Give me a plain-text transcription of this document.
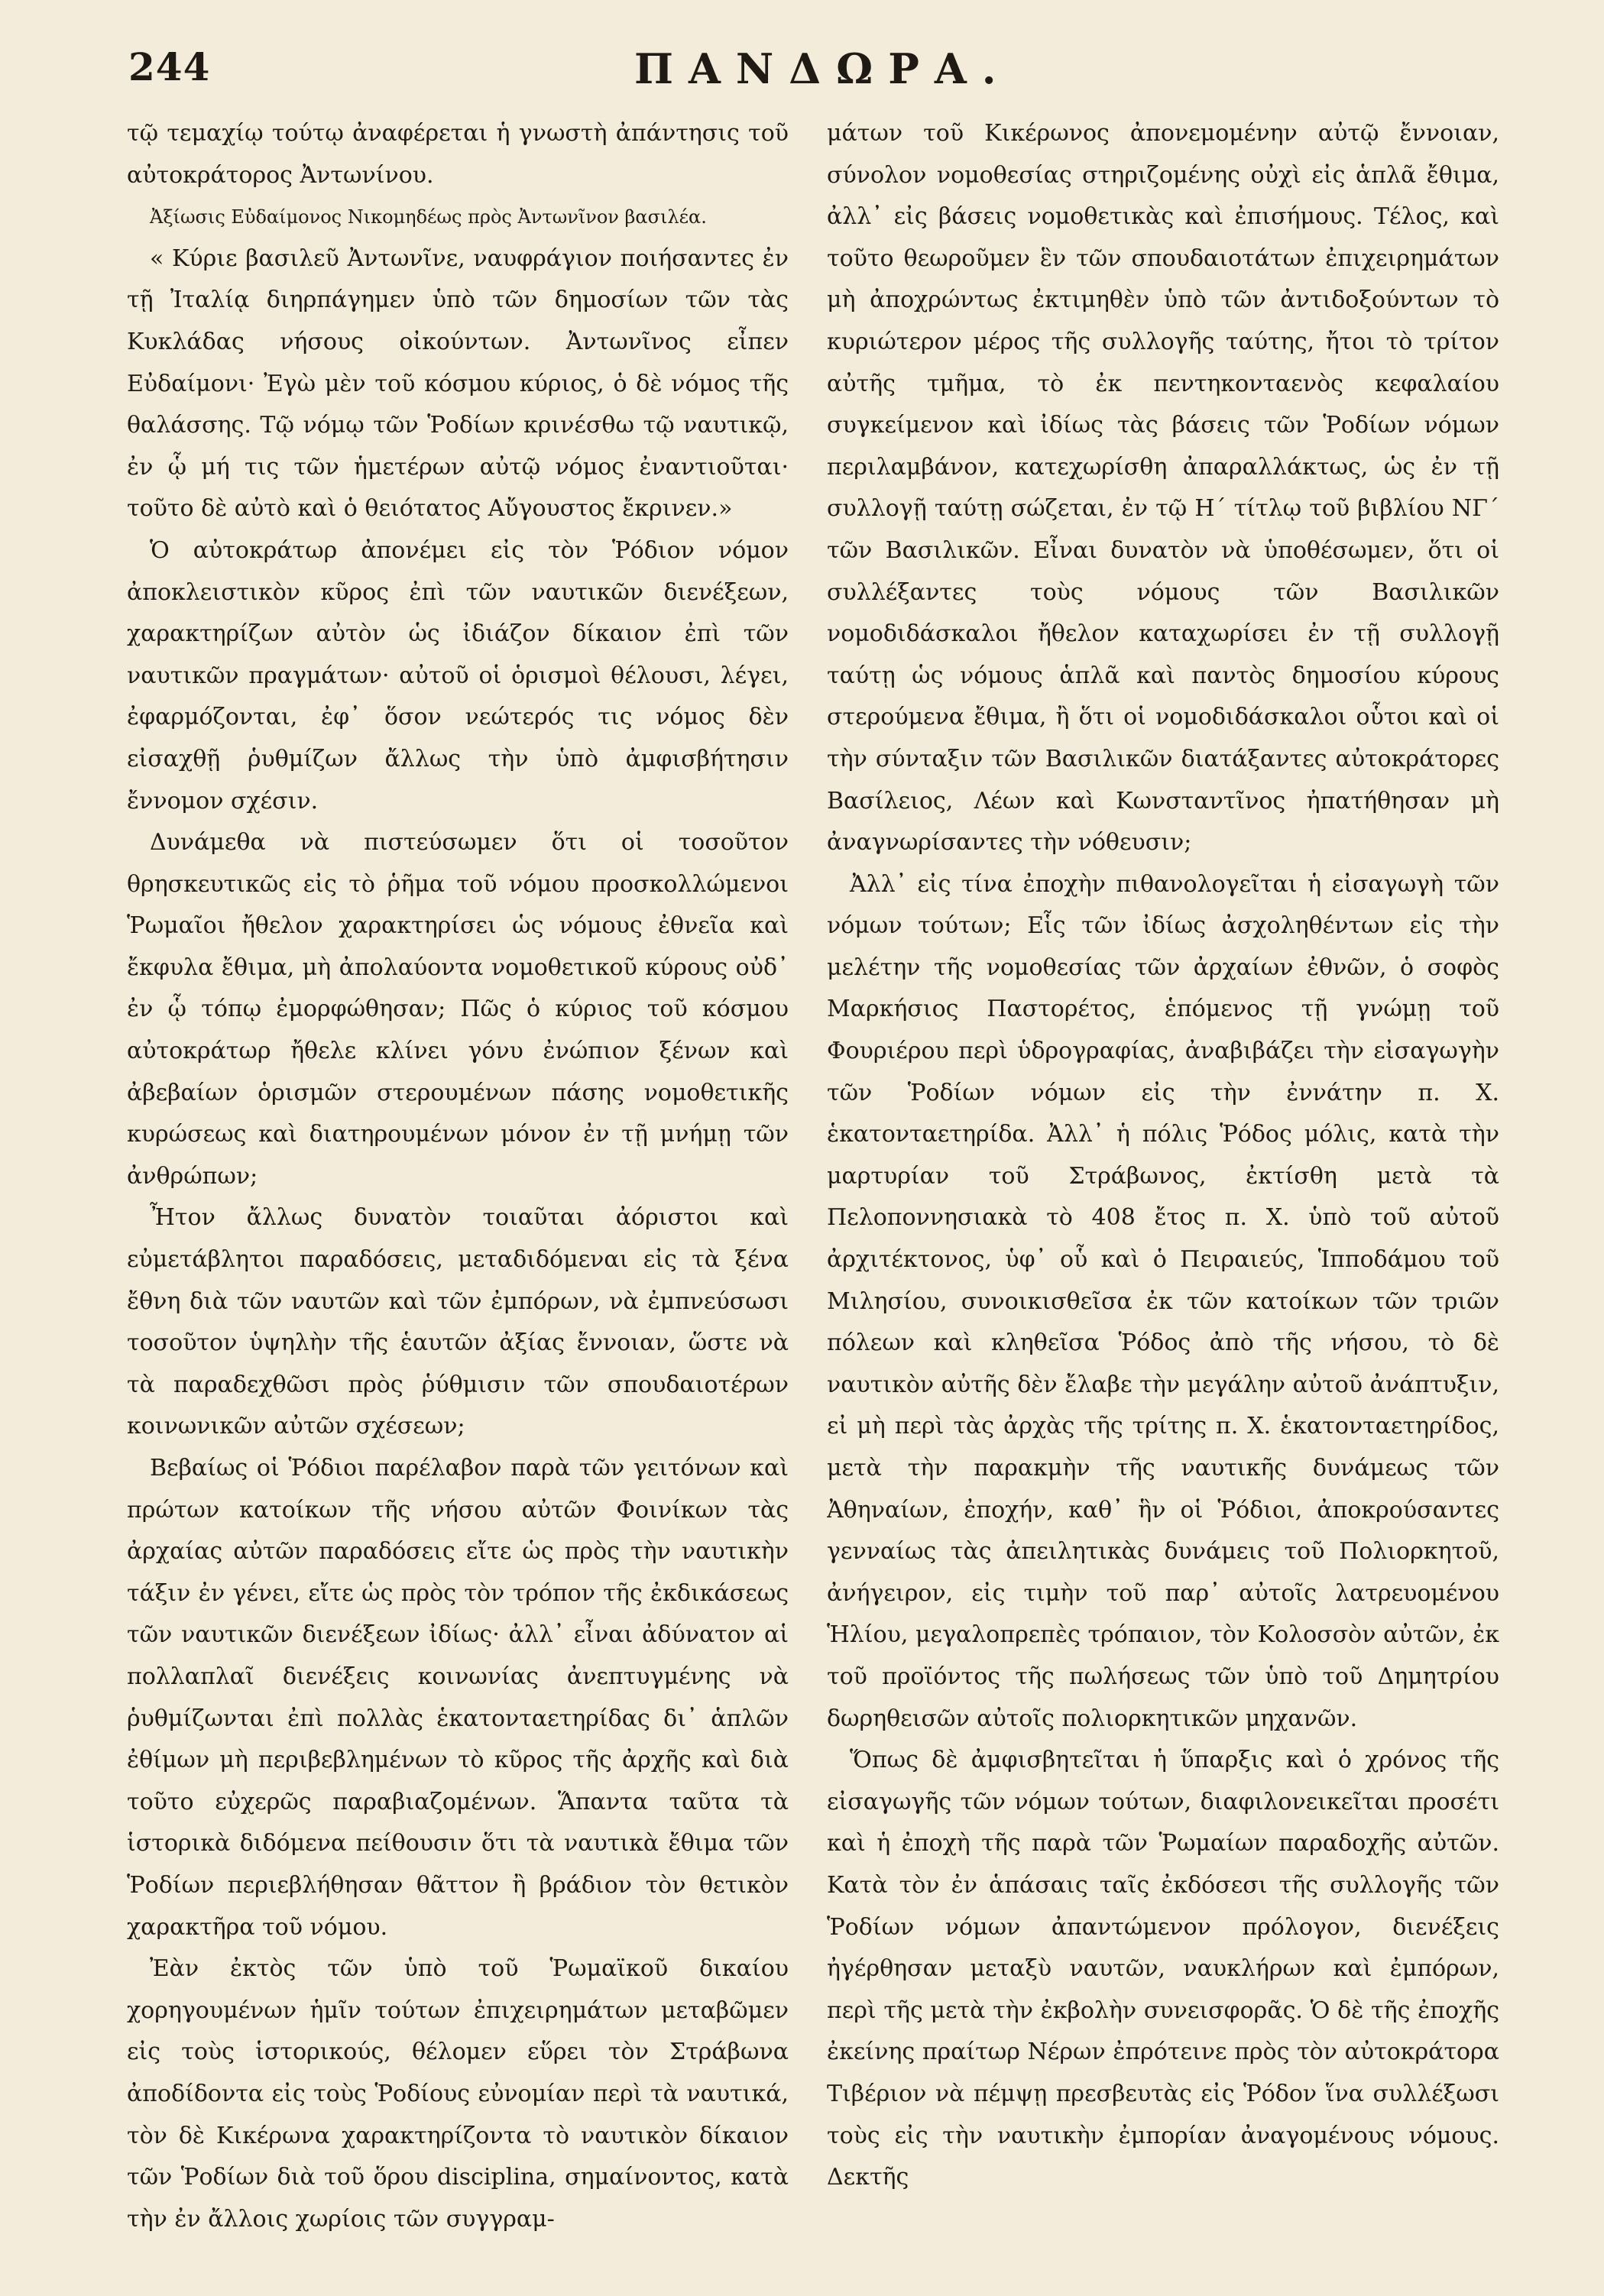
244	ΠΑΝΔΩΡΑ.

τῷ τεμαχίῳ τούτῳ ἀναφέρεται ἡ γνωστὴ ἀπάντησις τοῦ αὐτοκράτορος Ἀντωνίνου.

Ἀξίωσις Εὐδαίμονος Νικομηδέως πρὸς Ἀντωνῖνον βασιλέα.

« Κύριε βασιλεῦ Ἀντωνῖνε, ναυφράγιον ποιήσαντες ἐν τῇ Ἰταλίᾳ διηρπάγημεν ὑπὸ τῶν δημοσίων τῶν τὰς Κυκλάδας νήσους οἰκούντων. Ἀντωνῖνος εἶπεν Εὐδαίμονι· Ἐγὼ μὲν τοῦ κόσμου κύριος, ὁ δὲ νόμος τῆς θαλάσσης. Τῷ νόμῳ τῶν Ῥοδίων κρινέσθω τῷ ναυτικῷ, ἐν ᾧ μή τις τῶν ἡμετέρων αὐτῷ νόμος ἐναντιοῦται· τοῦτο δὲ αὐτὸ καὶ ὁ θειότατος Αὔγουστος ἔκρινεν.»

Ὁ αὐτοκράτωρ ἀπονέμει εἰς τὸν Ῥόδιον νόμον ἀποκλειστικὸν κῦρος ἐπὶ τῶν ναυτικῶν διενέξεων, χαρακτηρίζων αὐτὸν ὡς ἰδιάζον δίκαιον ἐπὶ τῶν ναυτικῶν πραγμάτων· αὐτοῦ οἱ ὁρισμοὶ θέλουσι, λέγει, ἐφαρμόζονται, ἐφ᾽ ὅσον νεώτερός τις νόμος δὲν εἰσαχθῇ ῥυθμίζων ἄλλως τὴν ὑπὸ ἀμφισβήτησιν ἔννομον σχέσιν.

Δυνάμεθα νὰ πιστεύσωμεν ὅτι οἱ τοσοῦτον θρησκευτικῶς εἰς τὸ ῥῆμα τοῦ νόμου προσκολλώμενοι Ῥωμαῖοι ἤθελον χαρακτηρίσει ὡς νόμους ἐθνεῖα καὶ ἔκφυλα ἔθιμα, μὴ ἀπολαύοντα νομοθετικοῦ κύρους οὐδ᾽ ἐν ᾧ τόπῳ ἐμορφώθησαν; Πῶς ὁ κύριος τοῦ κόσμου αὐτοκράτωρ ἤθελε κλίνει γόνυ ἐνώπιον ξένων καὶ ἀβεβαίων ὁρισμῶν στερουμένων πάσης νομοθετικῆς κυρώσεως καὶ διατηρουμένων μόνον ἐν τῇ μνήμῃ τῶν ἀνθρώπων;

Ἦτον ἄλλως δυνατὸν τοιαῦται ἀόριστοι καὶ εὐμετάβλητοι παραδόσεις, μεταδιδόμεναι εἰς τὰ ξένα ἔθνη διὰ τῶν ναυτῶν καὶ τῶν ἐμπόρων, νὰ ἐμπνεύσωσι τοσοῦτον ὑψηλὴν τῆς ἑαυτῶν ἀξίας ἔννοιαν, ὥστε νὰ τὰ παραδεχθῶσι πρὸς ῥύθμισιν τῶν σπουδαιοτέρων κοινωνικῶν αὐτῶν σχέσεων;

Βεβαίως οἱ Ῥόδιοι παρέλαβον παρὰ τῶν γειτόνων καὶ πρώτων κατοίκων τῆς νήσου αὐτῶν Φοινίκων τὰς ἀρχαίας αὐτῶν παραδόσεις εἴτε ὡς πρὸς τὴν ναυτικὴν τάξιν ἐν γένει, εἴτε ὡς πρὸς τὸν τρόπον τῆς ἐκδικάσεως τῶν ναυτικῶν διενέξεων ἰδίως· ἀλλ᾽ εἶναι ἀδύνατον αἱ πολλαπλαῖ διενέξεις κοινωνίας ἀνεπτυγμένης νὰ ῥυθμίζωνται ἐπὶ πολλὰς ἑκατονταετηρίδας δι᾽ ἁπλῶν ἐθίμων μὴ περιβεβλημένων τὸ κῦρος τῆς ἀρχῆς καὶ διὰ τοῦτο εὐχερῶς παραβιαζομένων. Ἅπαντα ταῦτα τὰ ἱστορικὰ διδόμενα πείθουσιν ὅτι τὰ ναυτικὰ ἔθιμα τῶν Ῥοδίων περιεβλήθησαν θᾶττον ἢ βράδιον τὸν θετικὸν χαρακτῆρα τοῦ νόμου.

Ἐὰν ἐκτὸς τῶν ὑπὸ τοῦ Ῥωμαϊκοῦ δικαίου χορηγουμένων ἡμῖν τούτων ἐπιχειρημάτων μεταβῶμεν εἰς τοὺς ἱστορικούς, θέλομεν εὕρει τὸν Στράβωνα ἀποδίδοντα εἰς τοὺς Ῥοδίους εὐνομίαν περὶ τὰ ναυτικά, τὸν δὲ Κικέρωνα χαρακτηρίζοντα τὸ ναυτικὸν δίκαιον τῶν Ῥοδίων διὰ τοῦ ὅρου disciplina, σημαίνοντος, κατὰ τὴν ἐν ἄλλοις χωρίοις τῶν συγγραμ-

μάτων τοῦ Κικέρωνος ἀπονεμομένην αὐτῷ ἔννοιαν, σύνολον νομοθεσίας στηριζομένης οὐχὶ εἰς ἁπλᾶ ἔθιμα, ἀλλ᾽ εἰς βάσεις νομοθετικὰς καὶ ἐπισήμους. Τέλος, καὶ τοῦτο θεωροῦμεν ἓν τῶν σπουδαιοτάτων ἐπιχειρημάτων μὴ ἀποχρώντως ἐκτιμηθὲν ὑπὸ τῶν ἀντιδοξούντων τὸ κυριώτερον μέρος τῆς συλλογῆς ταύτης, ἤτοι τὸ τρίτον αὐτῆς τμῆμα, τὸ ἐκ πεντηκονταενὸς κεφαλαίου συγκείμενον καὶ ἰδίως τὰς βάσεις τῶν Ῥοδίων νόμων περιλαμβάνον, κατεχωρίσθη ἀπαραλλάκτως, ὡς ἐν τῇ συλλογῇ ταύτῃ σώζεται, ἐν τῷ Η´ τίτλῳ τοῦ βιβλίου ΝΓ´ τῶν Βασιλικῶν. Εἶναι δυνατὸν νὰ ὑποθέσωμεν, ὅτι οἱ συλλέξαντες τοὺς νόμους τῶν Βασιλικῶν νομοδιδάσκαλοι ἤθελον καταχωρίσει ἐν τῇ συλλογῇ ταύτῃ ὡς νόμους ἁπλᾶ καὶ παντὸς δημοσίου κύρους στερούμενα ἔθιμα, ἢ ὅτι οἱ νομοδιδάσκαλοι οὗτοι καὶ οἱ τὴν σύνταξιν τῶν Βασιλικῶν διατάξαντες αὐτοκράτορες Βασίλειος, Λέων καὶ Κωνσταντῖνος ἠπατήθησαν μὴ ἀναγνωρίσαντες τὴν νόθευσιν;

Ἀλλ᾽ εἰς τίνα ἐποχὴν πιθανολογεῖται ἡ εἰσαγωγὴ τῶν νόμων τούτων; Εἷς τῶν ἰδίως ἀσχοληθέντων εἰς τὴν μελέτην τῆς νομοθεσίας τῶν ἀρχαίων ἐθνῶν, ὁ σοφὸς Μαρκήσιος Παστορέτος, ἑπόμενος τῇ γνώμῃ τοῦ Φουριέρου περὶ ὑδρογραφίας, ἀναβιβάζει τὴν εἰσαγωγὴν τῶν Ῥοδίων νόμων εἰς τὴν ἐννάτην π. Χ. ἑκατονταετηρίδα. Ἀλλ᾽ ἡ πόλις Ῥόδος μόλις, κατὰ τὴν μαρτυρίαν τοῦ Στράβωνος, ἐκτίσθη μετὰ τὰ Πελοποννησιακὰ τὸ 408 ἔτος π. Χ. ὑπὸ τοῦ αὐτοῦ ἀρχιτέκτονος, ὑφ᾽ οὗ καὶ ὁ Πειραιεύς, Ἱπποδάμου τοῦ Μιλησίου, συνοικισθεῖσα ἐκ τῶν κατοίκων τῶν τριῶν πόλεων καὶ κληθεῖσα Ῥόδος ἀπὸ τῆς νήσου, τὸ δὲ ναυτικὸν αὐτῆς δὲν ἔλαβε τὴν μεγάλην αὐτοῦ ἀνάπτυξιν, εἰ μὴ περὶ τὰς ἀρχὰς τῆς τρίτης π. Χ. ἑκατονταετηρίδος, μετὰ τὴν παρακμὴν τῆς ναυτικῆς δυνάμεως τῶν Ἀθηναίων, ἐποχήν, καθ᾽ ἣν οἱ Ῥόδιοι, ἀποκρούσαντες γενναίως τὰς ἀπειλητικὰς δυνάμεις τοῦ Πολιορκητοῦ, ἀνήγειρον, εἰς τιμὴν τοῦ παρ᾽ αὐτοῖς λατρευομένου Ἡλίου, μεγαλοπρεπὲς τρόπαιον, τὸν Κολοσσὸν αὐτῶν, ἐκ τοῦ προϊόντος τῆς πωλήσεως τῶν ὑπὸ τοῦ Δημητρίου δωρηθεισῶν αὐτοῖς πολιορκητικῶν μηχανῶν.

Ὅπως δὲ ἀμφισβητεῖται ἡ ὕπαρξις καὶ ὁ χρόνος τῆς εἰσαγωγῆς τῶν νόμων τούτων, διαφιλονεικεῖται προσέτι καὶ ἡ ἐποχὴ τῆς παρὰ τῶν Ῥωμαίων παραδοχῆς αὐτῶν. Κατὰ τὸν ἐν ἁπάσαις ταῖς ἐκδόσεσι τῆς συλλογῆς τῶν Ῥοδίων νόμων ἀπαντώμενον πρόλογον, διενέξεις ἠγέρθησαν μεταξὺ ναυτῶν, ναυκλήρων καὶ ἐμπόρων, περὶ τῆς μετὰ τὴν ἐκβολὴν συνεισφορᾶς. Ὁ δὲ τῆς ἐποχῆς ἐκείνης πραίτωρ Νέρων ἐπρότεινε πρὸς τὸν αὐτοκράτορα Τιβέριον νὰ πέμψῃ πρεσβευτὰς εἰς Ῥόδον ἵνα συλλέξωσι τοὺς εἰς τὴν ναυτικὴν ἐμπορίαν ἀναγομένους νόμους. Δεκτῆς
